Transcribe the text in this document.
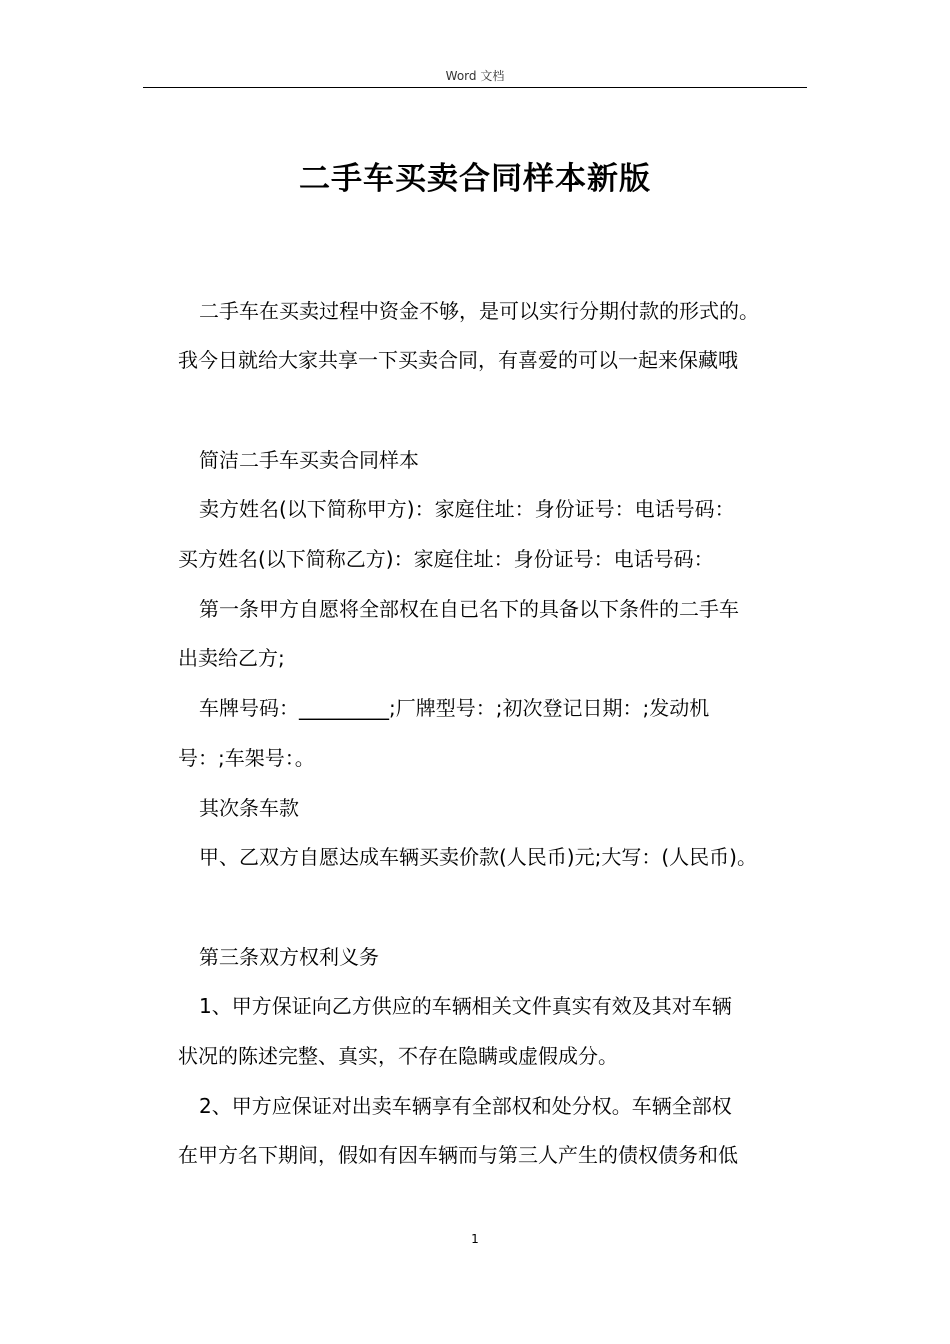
Word 文档
二手车买卖合同样本新版
二手车在买卖过程中资金不够，是可以实行分期付款的形式的。
我今日就给大家共享一下买卖合同，有喜爱的可以一起来保藏哦
简洁二手车买卖合同样本
卖方姓名(以下简称甲方)：家庭住址：身份证号：电话号码：
买方姓名(以下简称乙方)：家庭住址：身份证号：电话号码：
第一条甲方自愿将全部权在自已名下的具备以下条件的二手车
出卖给乙方;
车牌号码：_________;厂牌型号：;初次登记日期：;发动机
号：;车架号：。
其次条车款
甲、乙双方自愿达成车辆买卖价款(人民币)元;大写：(人民币)。
第三条双方权利义务
1、甲方保证向乙方供应的车辆相关文件真实有效及其对车辆
状况的陈述完整、真实，不存在隐瞒或虚假成分。
2、甲方应保证对出卖车辆享有全部权和处分权。车辆全部权
在甲方名下期间，假如有因车辆而与第三人产生的债权债务和低
1
